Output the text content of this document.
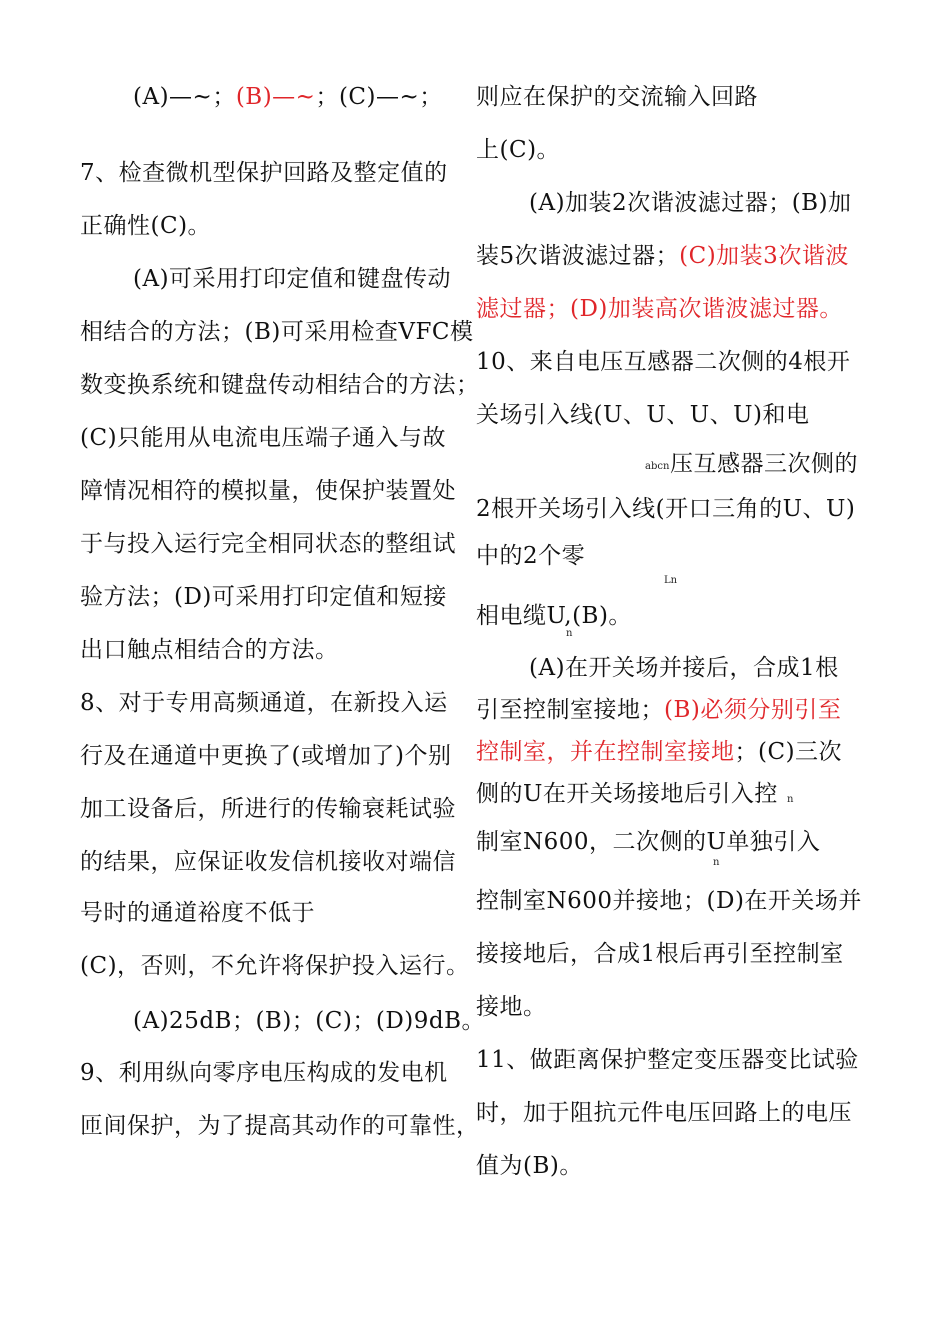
(A)—~；(B)—~；(C)—~；
7、检查微机型保护回路及整定值的
正确性(C)。
(A)可采用打印定值和键盘传动
相结合的方法；(B)可采用检查VFC模
数变换系统和键盘传动相结合的方法；
(C)只能用从电流电压端子通入与故
障情况相符的模拟量，使保护装置处
于与投入运行完全相同状态的整组试
验方法；(D)可采用打印定值和短接
出口触点相结合的方法。
8、对于专用高频通道，在新投入运
行及在通道中更换了(或增加了)个别
加工设备后，所进行的传输衰耗试验
的结果，应保证收发信机接收对端信
号时的通道裕度不低于
(C)，否则，不允许将保护投入运行。
(A)25dB；(B)；(C)；(D)9dB。
9、利用纵向零序电压构成的发电机
匝间保护，为了提高其动作的可靠性，
则应在保护的交流输入回路
上(C)。
(A)加装2次谐波滤过器；(B)加
装5次谐波滤过器；(C)加装3次谐波
滤过器；(D)加装高次谐波滤过器。
10、来自电压互感器二次侧的4根开
关场引入线(U、U、U、U)和电
abcn 压互感器三次侧的
2根开关场引入线(开口三角的U、U)
中的2个零
Ln
相电缆U,(B)。
n
(A)在开关场并接后，合成1根
引至控制室接地；(B)必须分别引至
控制室，并在控制室接地；(C)三次
侧的U在开关场接地后引入控 n
制室N600，二次侧的U单独引入
n
控制室N600并接地；(D)在开关场并
接接地后，合成1根后再引至控制室
接地。
11、做距离保护整定变压器变比试验
时，加于阻抗元件电压回路上的电压
值为(B)。
